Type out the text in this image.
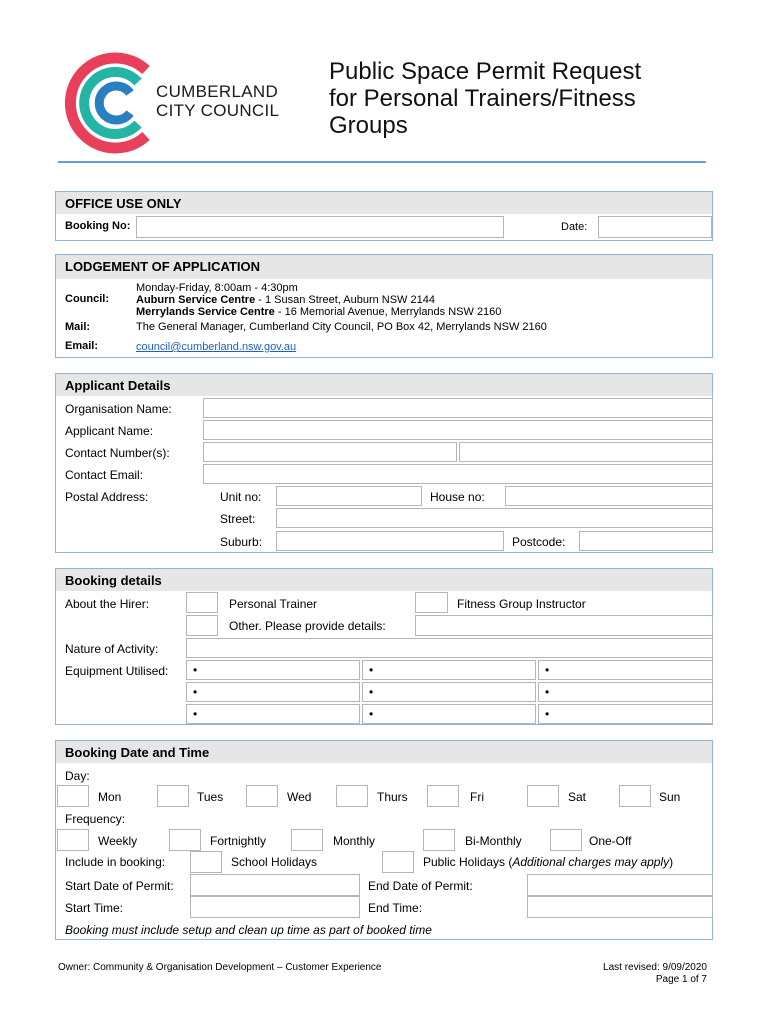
CUMBERLAND
CITY COUNCIL
Public Space Permit Request
for Personal Trainers/Fitness
Groups
OFFICE USE ONLY
Booking No:	Date:
LODGEMENT OF APPLICATION
Council:
Monday-Friday, 8:00am - 4:30pm
Auburn Service Centre - 1 Susan Street, Auburn NSW 2144
Merrylands Service Centre - 16 Memorial Avenue, Merrylands NSW 2160
Mail:	The General Manager, Cumberland City Council, PO Box 42, Merrylands NSW 2160
Email:	council@cumberland.nsw.gov.au
Applicant Details
Organisation Name:
Applicant Name:
Contact Number(s):
Contact Email:
Postal Address:	Unit no:	House no:
Street:
Suburb:	Postcode:
Booking details
About the Hirer:	Personal Trainer	Fitness Group Instructor
Other. Please provide details:
Nature of Activity:
Equipment Utilised: •	•	•
•	•	•
•	•	•
Booking Date and Time
Day:
Mon	Tues	Wed	Thurs	Fri	Sat	Sun
Frequency:
Weekly	Fortnightly	Monthly	Bi-Monthly	One-Off
Include in booking:	School Holidays	Public Holidays (Additional charges may apply)
Start Date of Permit:	End Date of Permit:
Start Time:	End Time:
Booking must include setup and clean up time as part of booked time
Owner: Community & Organisation Development – Customer Experience	Last revised: 9/09/2020
Page 1 of 7
